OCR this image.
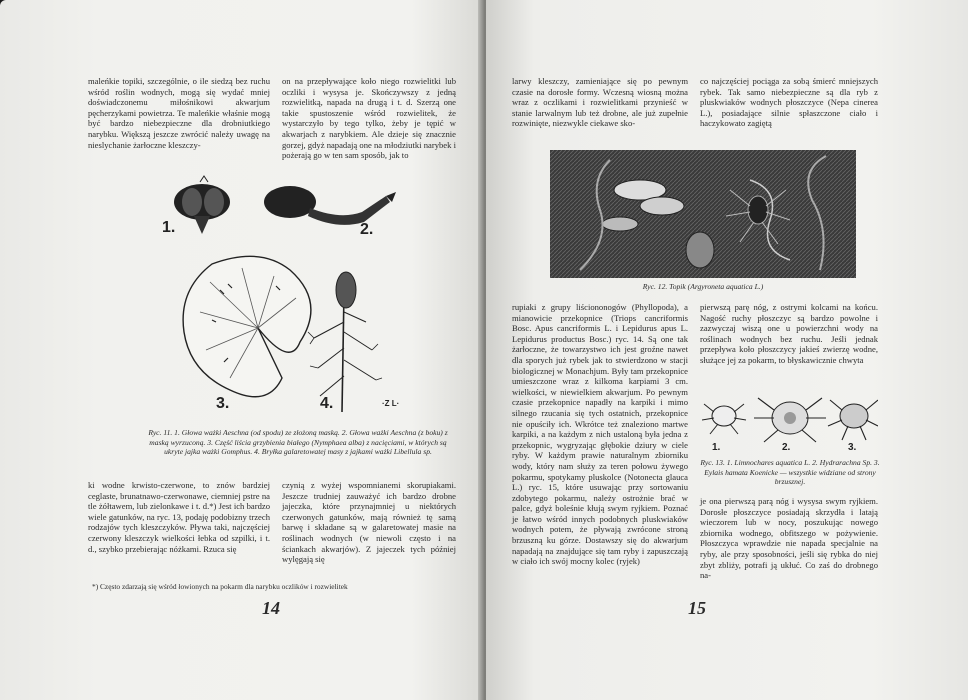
maleńkie topiki, szczególnie, o ile siedzą bez ruchu wśród roślin wodnych, mogą się wydać mniej doświadczonemu miłośnikowi akwarjum pęcherzykami powietrza. Te maleńkie właśnie mogą być bardzo niebezpieczne dla drobniutkiego narybku. Większą jeszcze zwrócić należy uwagę na nieslychanie żarłoczne kleszczy-
on na przepływające koło niego rozwielitki lub oczliki i wysysa je. Skończywszy z jedną rozwielitką, napada na drugą i t. d. Szerzą one takie spustoszenie wśród rozwielitek, że wystarczyło by tego tylko, żeby je tępić w akwarjach z narybkiem. Ale dzieje się znacznie gorzej, gdyż napadają one na młodziutki narybek i pożerają go w ten sam sposób, jak to
1.	2.
3.	4.	·Z L·
Ryc. 11. 1. Głowa ważki Aeschna (od spodu) ze złożoną maską. 2. Głowa ważki Aeschna (z boku) z maską wyrzuconą. 3. Część liścia grzybienia białego (Nymphaea alba) z nacięciami, w których są ukryte jajka ważki Gomphus. 4. Bryłka galaretowatej masy z jajkami ważki Libellula sp.
ki wodne krwisto-czerwone, to znów bardziej ceglaste, brunatnawo-czerwonawe, ciemniej pstre na tle żółtawem, lub zielonkawe i t. d.*) Jest ich bardzo wiele gatunków, na ryc. 13, podaję podobizny trzech rodzajów tych kleszczyków. Pływa taki, najczęściej czerwony kleszczyk wielkości łebka od szpilki, i t. d., szybko przebierając nóżkami. Rzuca się
czynią z wyżej wspomnianemi skorupiakami. Jeszcze trudniej zauważyć ich bardzo drobne jajeczka, które przynajmniej u niektórych czerwonych gatunków, mają również tę samą barwę i składane są w galaretowatej masie na roślinach wodnych (w niewoli często i na ściankach akwarjów). Z jajeczek tych później wylęgają się
*) Często zdarzają się wśród łowionych na pokarm dla narybku oczlików i rozwielitek
14
larwy kleszczy, zamieniające się po pewnym czasie na dorosłe formy. Wczesną wiosną można wraz z oczlikami i rozwielitkami przynieść w stanie larwalnym lub też drobne, ale już zupełnie rozwinięte, niezwykle ciekawe sko-
co najczęściej pociąga za sobą śmierć mniejszych rybek. Tak samo niebezpieczne są dla ryb z pluskwiaków wodnych płoszczyce (Nepa cinerea L.), posiadające silnie spłaszczone ciało i haczykowato zagiętą
Ryc. 12. Topik (Argyroneta aquatica L.)
rupiaki z grupy liściononogów (Phyllopoda), a mianowicie przekopnice (Triops cancriformis Bosc. Apus cancriformis L. i Lepidurus apus L. Lepidurus productus Bosc.) ryc. 14. Są one tak żarłoczne, że towarzystwo ich jest groźne nawet dla sporych już rybek jak to stwierdzono w stacji biologicznej w Monachjum. Były tam przekopnice umieszczone wraz z kilkoma karpiami 3 cm. wielkości, w niewielkiem akwarjum. Po pewnym czasie przekopnice napadły na karpiki i mimo silnego rzucania się tych ostatnich, przekopnice nie opuściły ich. Wkrótce też znaleziono martwe karpiki, a na każdym z nich ustaloną była jedna z przekopnic, wygryzając głębokie dziury w ciele ryby. W każdym prawie naturalnym zbiorniku wody, który nam służy za teren połowu żywego pokarmu, spotykamy pluskolce (Notonecta glauca L.) ryc. 15, które usuwając przy sortowaniu zdobytego pokarmu, należy ostrożnie brać w palce, gdyż boleśnie kłują swym ryjkiem. Poznać je łatwo wśród innych podobnych pluskwiaków wodnych potem, że pływają zwrócone stroną brzuszną ku górze. Dostawszy się do akwarjum napadają na znajdujące się tam ryby i zapuszczają w ciało ich swój mocny kolec (ryjek)
pierwszą parę nóg, z ostrymi kolcami na końcu. Nagość ruchy płoszczyc są bardzo powolne i zazwyczaj wiszą one u powierzchni wody na roślinach wodnych bez ruchu. Jeśli jednak przepływa koło płoszczycy jakieś zwierzę wodne, służące jej za pokarm, to błyskawicznie chwyta
1.	2.	3.
Ryc. 13. 1. Limnochares aquatica L. 2. Hydrarachna Sp. 3. Eylais hamata Koenicke — wszystkie widziane od strony brzusznej.
je ona pierwszą parą nóg i wysysa swym ryjkiem. Dorosłe płoszczyce posiadają skrzydła i latają wieczorem lub w nocy, poszukując nowego zbiornika wodnego, obfitszego w pożywienie. Płoszczyca wprawdzie nie napada specjalnie na ryby, ale przy sposobności, jeśli się rybka do niej zbyt zbliży, potrafi ją ukłuć. Co zaś do drobnego na-
15
